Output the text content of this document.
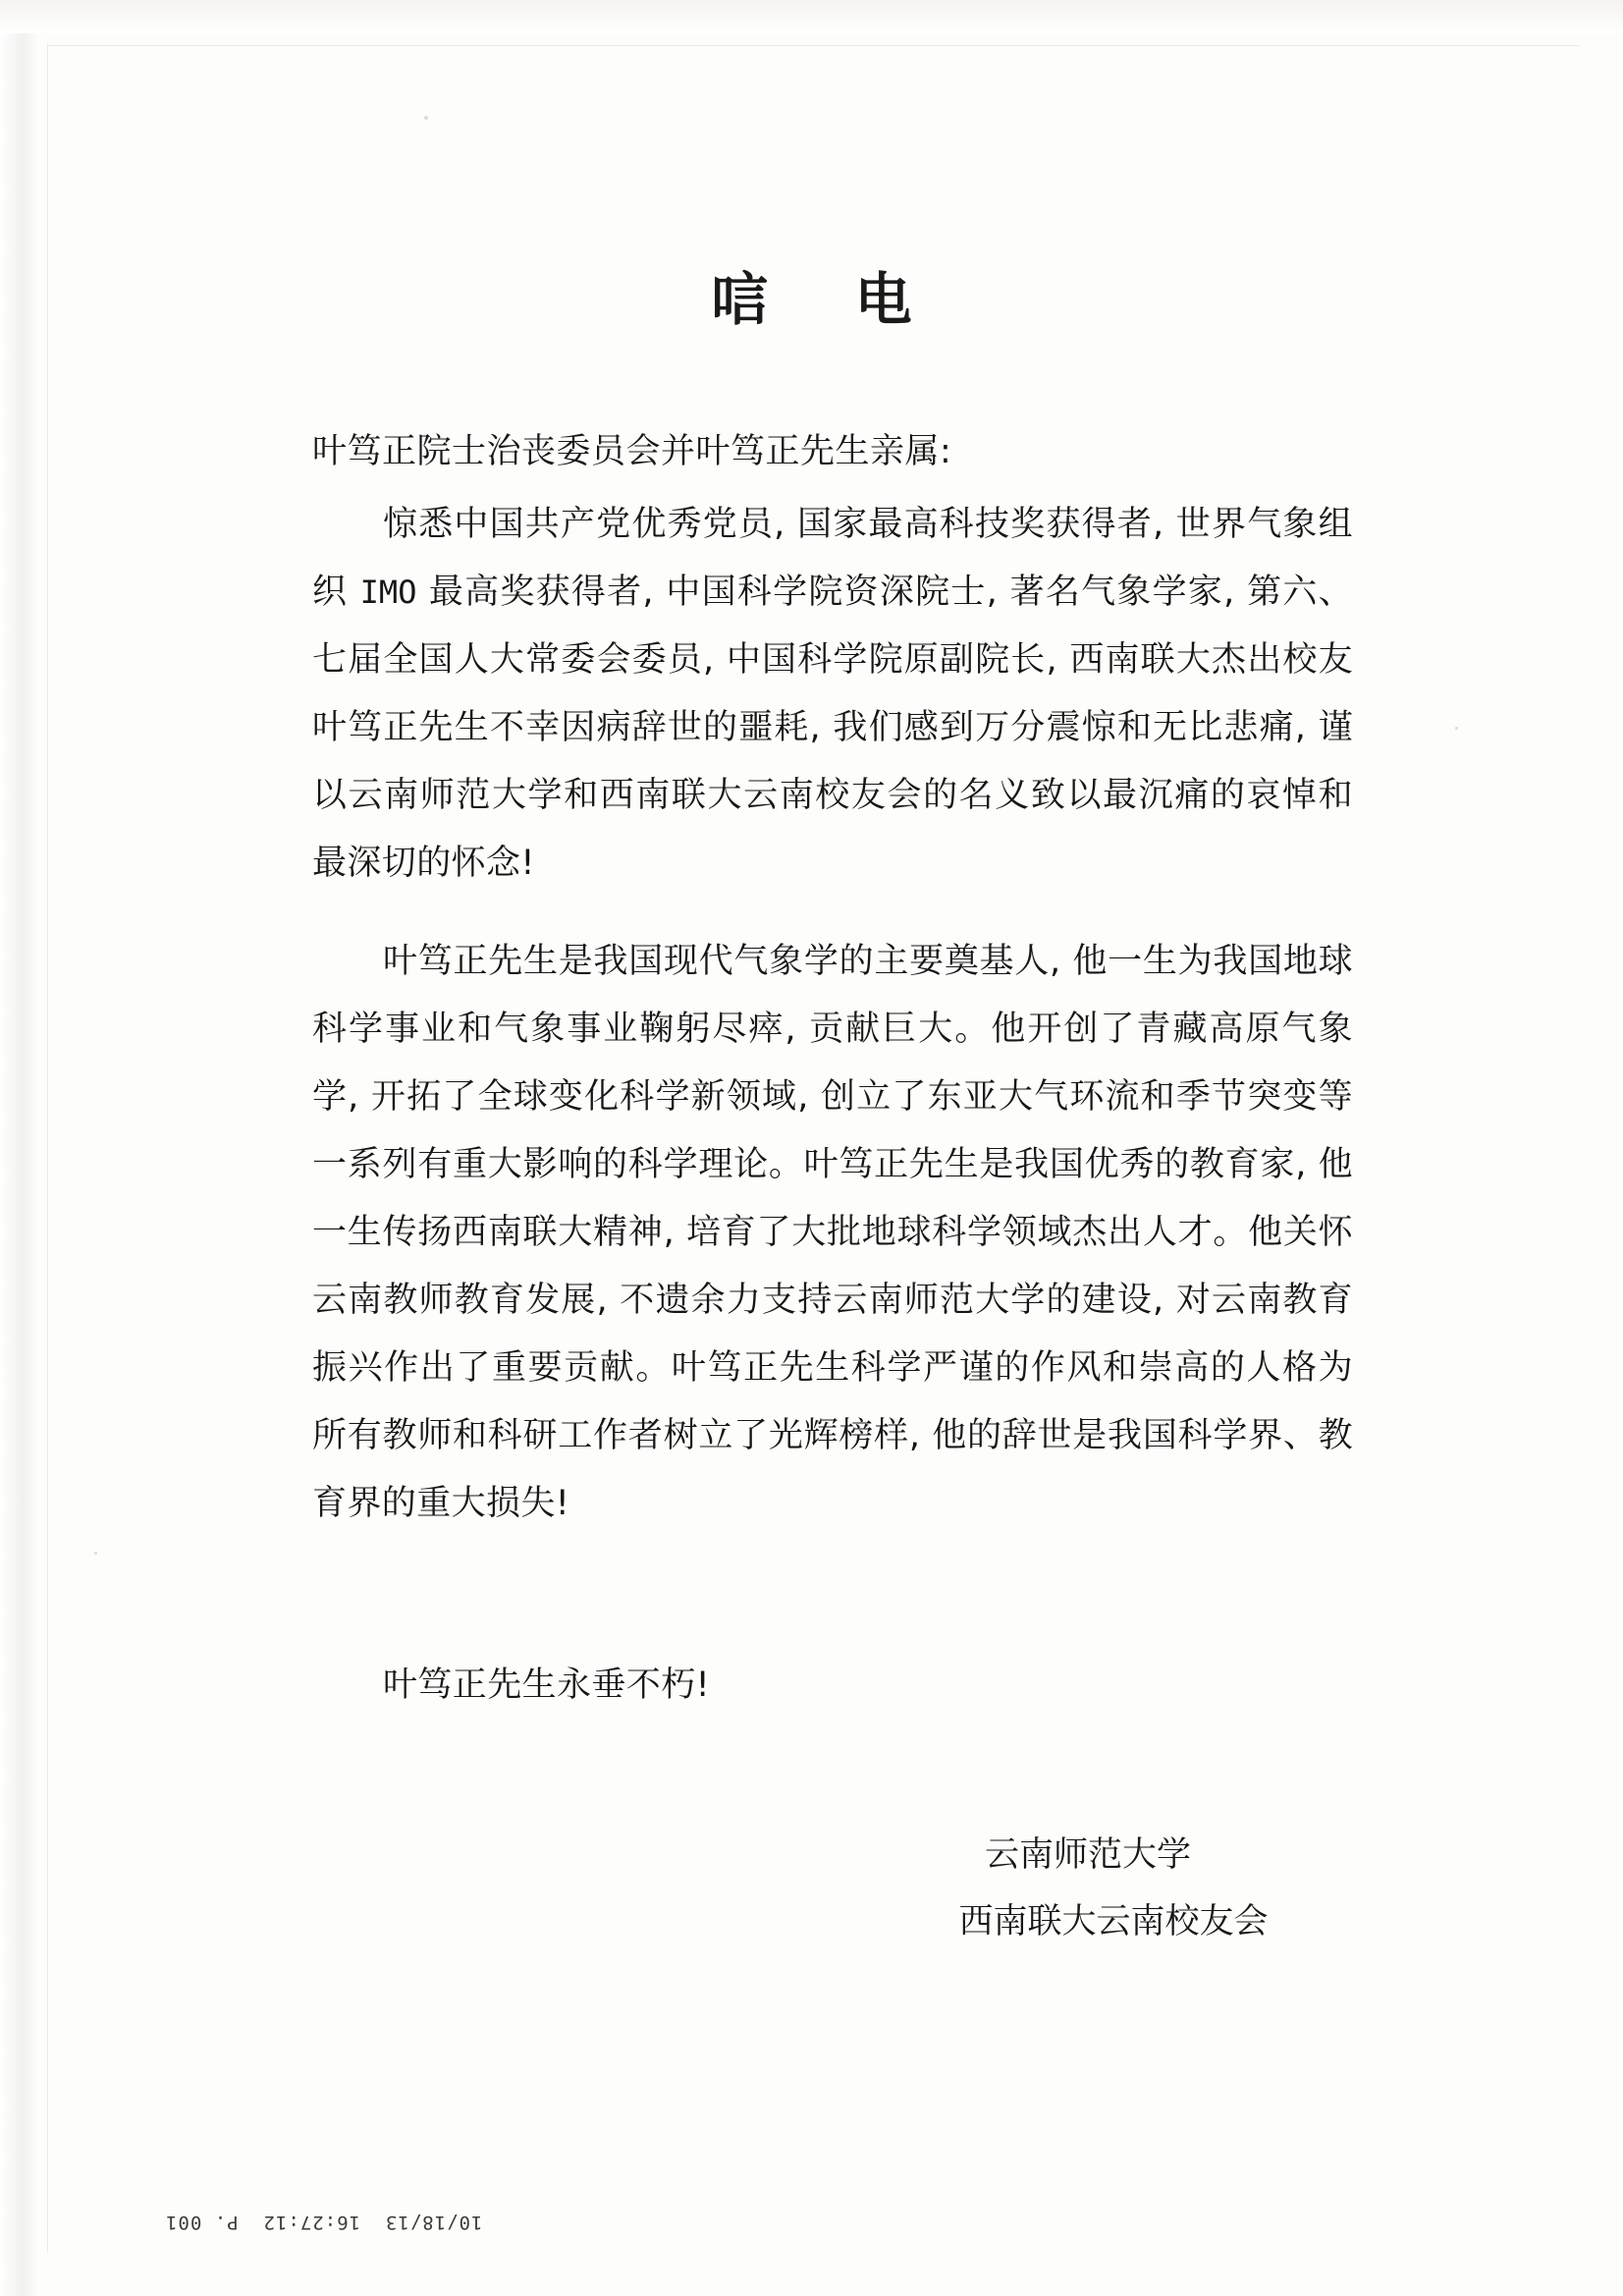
唁 电
叶笃正院士治丧委员会并叶笃正先生亲属:
惊悉中国共产党优秀党员, 国家最高科技奖获得者, 世界气象组织 IMO 最高奖获得者, 中国科学院资深院士, 著名气象学家, 第六、七届全国人大常委会委员, 中国科学院原副院长, 西南联大杰出校友叶笃正先生不幸因病辞世的噩耗, 我们感到万分震惊和无比悲痛, 谨以云南师范大学和西南联大云南校友会的名义致以最沉痛的哀悼和最深切的怀念!
叶笃正先生是我国现代气象学的主要奠基人, 他一生为我国地球科学事业和气象事业鞠躬尽瘁, 贡献巨大。他开创了青藏高原气象学, 开拓了全球变化科学新领域, 创立了东亚大气环流和季节突变等一系列有重大影响的科学理论。叶笃正先生是我国优秀的教育家, 他一生传扬西南联大精神, 培育了大批地球科学领域杰出人才。他关怀云南教师教育发展, 不遗余力支持云南师范大学的建设, 对云南教育振兴作出了重要贡献。叶笃正先生科学严谨的作风和崇高的人格为所有教师和科研工作者树立了光辉榜样, 他的辞世是我国科学界、教育界的重大损失!
叶笃正先生永垂不朽!
云南师范大学
西南联大云南校友会
10/18/13  16:27:12  P. 001
